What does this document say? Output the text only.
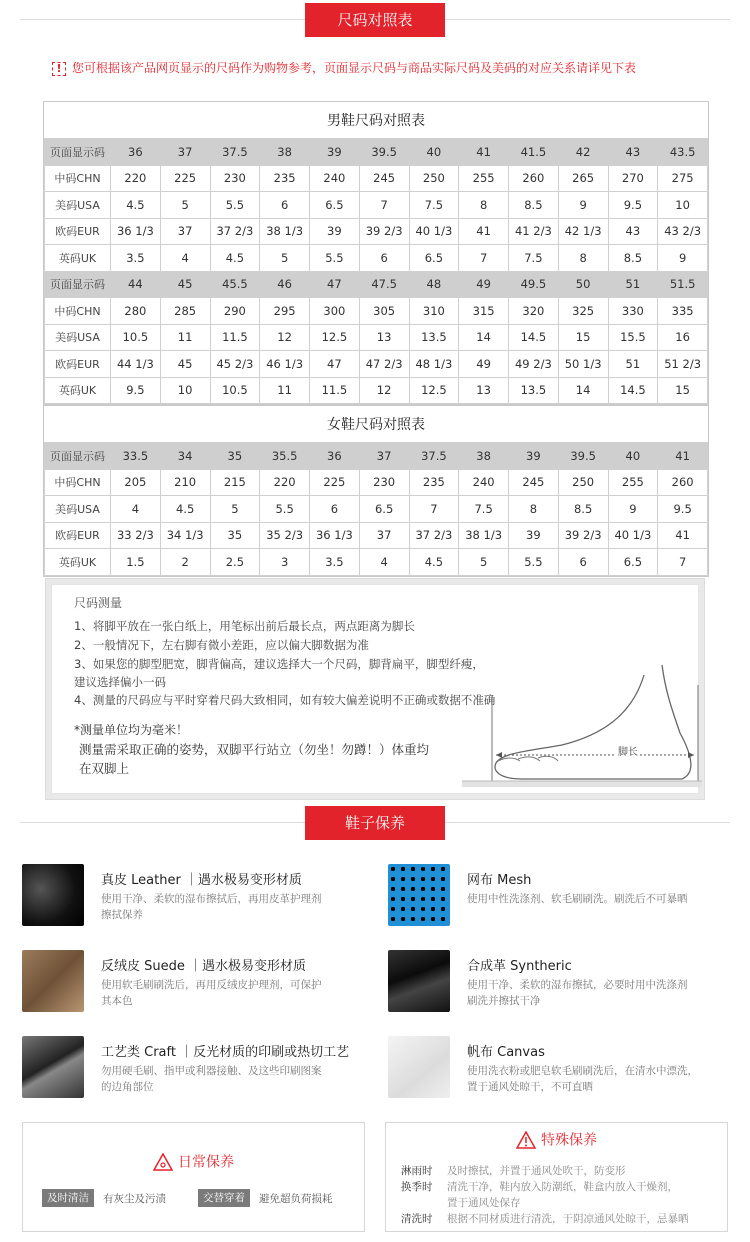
尺码对照表
! 您可根据该产品网页显示的尺码作为购物参考，页面显示尺码与商品实际尺码及美码的对应关系请详见下表
男鞋尺码对照表
页面显示码	36	37	37.5	38	39	39.5	40	41	41.5	42	43	43.5
中码CHN	220	225	230	235	240	245	250	255	260	265	270	275
美码USA	4.5	5	5.5	6	6.5	7	7.5	8	8.5	9	9.5	10
欧码EUR	36 1/3	37	37 2/3	38 1/3	39	39 2/3	40 1/3	41	41 2/3	42 1/3	43	43 2/3
英码UK	3.5	4	4.5	5	5.5	6	6.5	7	7.5	8	8.5	9
页面显示码	44	45	45.5	46	47	47.5	48	49	49.5	50	51	51.5
中码CHN	280	285	290	295	300	305	310	315	320	325	330	335
美码USA	10.5	11	11.5	12	12.5	13	13.5	14	14.5	15	15.5	16
欧码EUR	44 1/3	45	45 2/3	46 1/3	47	47 2/3	48 1/3	49	49 2/3	50 1/3	51	51 2/3
英码UK	9.5	10	10.5	11	11.5	12	12.5	13	13.5	14	14.5	15
女鞋尺码对照表
页面显示码	33.5	34	35	35.5	36	37	37.5	38	39	39.5	40	41
中码CHN	205	210	215	220	225	230	235	240	245	250	255	260
美码USA	4	4.5	5	5.5	6	6.5	7	7.5	8	8.5	9	9.5
欧码EUR	33 2/3	34 1/3	35	35 2/3	36 1/3	37	37 2/3	38 1/3	39	39 2/3	40 1/3	41
英码UK	1.5	2	2.5	3	3.5	4	4.5	5	5.5	6	6.5	7
尺码测量
1、将脚平放在一张白纸上，用笔标出前后最长点，两点距离为脚长
2、一般情况下，左右脚有微小差距，应以偏大脚数据为准
3、如果您的脚型肥宽，脚背偏高，建议选择大一个尺码，脚背扁平，脚型纤瘦，
建议选择偏小一码
4、测量的尺码应与平时穿着尺码大致相同，如有较大偏差说明不正确或数据不准确
*测量单位均为毫米！
测量需采取正确的姿势，双脚平行站立（勿坐！勿蹲！）体重均
在双脚上
脚长
鞋子保养
真皮 Leather ｜遇水极易变形材质
使用干净、柔软的湿布擦拭后，再用皮革护理剂
擦拭保养
网布 Mesh
使用中性洗涤剂、软毛刷刷洗。刷洗后不可暴晒
反绒皮 Suede ｜遇水极易变形材质
使用软毛刷刷洗后，再用反绒皮护理剂，可保护
其本色
合成革 Syntheric
使用干净、柔软的湿布擦拭，必要时用中洗涤剂
刷洗并擦拭干净
工艺类 Craft ｜反光材质的印刷或热切工艺
勿用硬毛刷、指甲或利器接触、及这些印刷图案
的边角部位
帆布 Canvas
使用洗衣粉或肥皂软毛刷刷洗后，在清水中漂洗，
置于通风处晾干，不可直晒
日常保养
及时清洁	有灰尘及污渍	交替穿着	避免超负荷损耗
特殊保养
淋雨时 及时擦拭，并置于通风处吹干，防变形
换季时 清洗干净，鞋内放入防潮纸，鞋盒内放入干燥剂，
置于通风处保存
清洗时 根据不同材质进行清洗，于阴凉通风处晾干，忌暴晒
